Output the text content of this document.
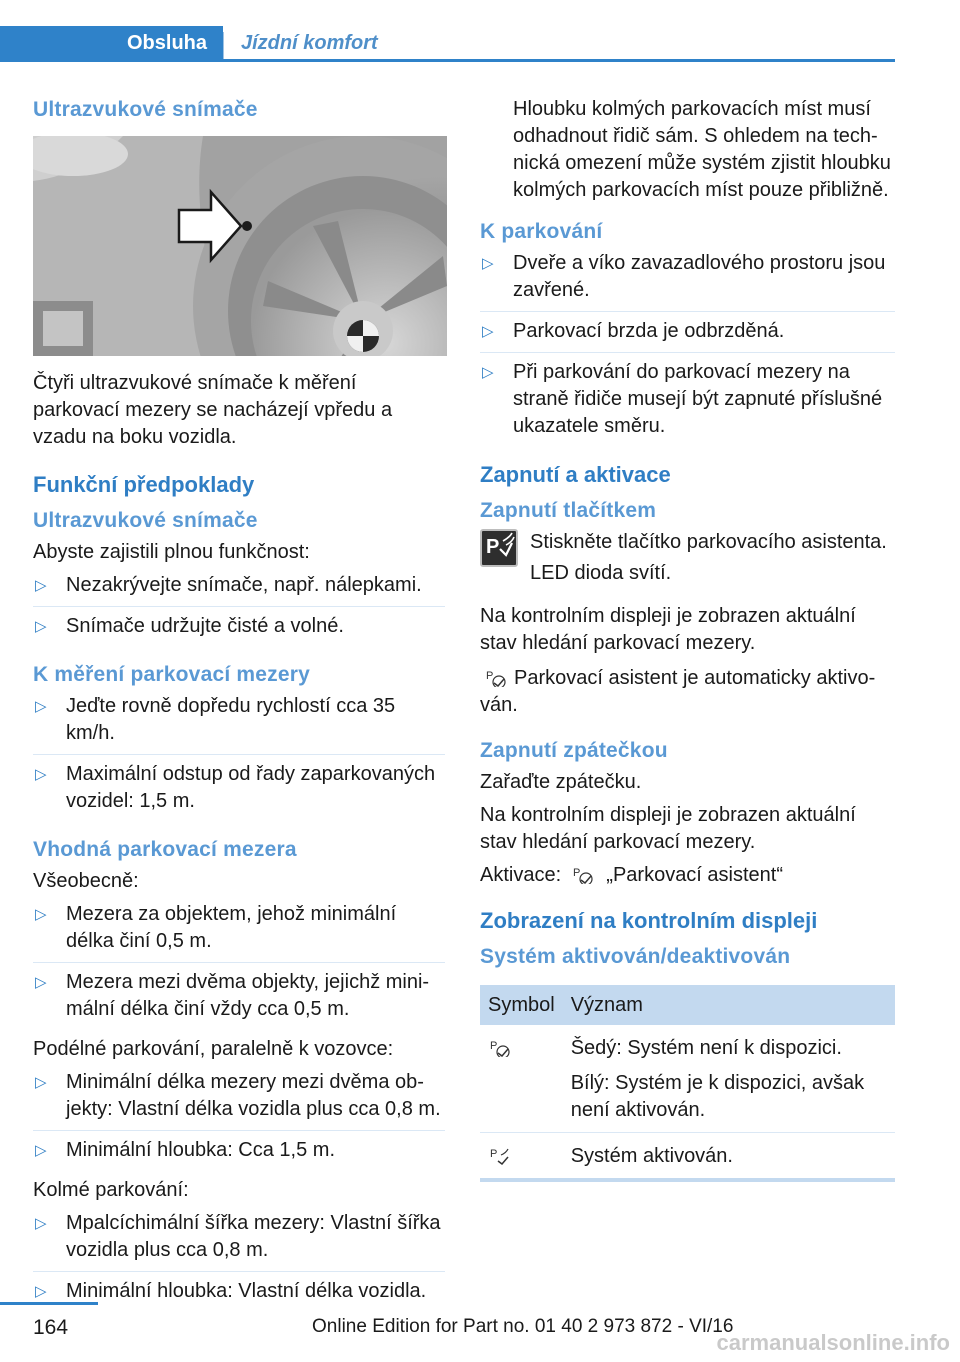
Obsluha	Jízdní komfort
Ultrazvukové snímače
Čtyři ultrazvukové snímače k měření parkovací mezery se nacházejí vpředu a vzadu na boku vozidla.
Funkční předpoklady
Ultrazvukové snímače
Abyste zajistili plnou funkčnost:
▷ Nezakrývejte snímače, např. nálepkami.
▷ Snímače udržujte čisté a volné.
K měření parkovací mezery
▷ Jeďte rovně dopředu rychlostí cca 35 km/h.
▷ Maximální odstup od řady zaparkovaných vozidel: 1,5 m.
Vhodná parkovací mezera
Všeobecně:
▷ Mezera za objektem, jehož minimální délka činí 0,5 m.
▷ Mezera mezi dvěma objekty, jejichž minimální délka činí vždy cca 0,5 m.
Podélné parkování, paralelně k vozovce:
▷ Minimální délka mezery mezi dvěma objekty: Vlastní délka vozidla plus cca 0,8 m.
▷ Minimální hloubka: Cca 1,5 m.
Kolmé parkování:
▷ Mpalcíchimální šířka mezery: Vlastní šířka vozidla plus cca 0,8 m.
▷ Minimální hloubka: Vlastní délka vozidla.
Hloubku kolmých parkovacích míst musí odhadnout řidič sám. S ohledem na technická omezení může systém zjistit hloubku kolmých parkovacích míst pouze přibližně.
K parkování
▷ Dveře a víko zavazadlového prostoru jsou zavřené.
▷ Parkovací brzda je odbrzděná.
▷ Při parkování do parkovací mezery na straně řidiče musejí být zapnuté příslušné ukazatele směru.
Zapnutí a aktivace
Zapnutí tlačítkem
P Stiskněte tlačítko parkovacího asistenta.
LED dioda svítí.
Na kontrolním displeji je zobrazen aktuální stav hledání parkovací mezery.
P Parkovací asistent je automaticky aktivován.
Zapnutí zpátečkou
Zařaďte zpátečku.
Na kontrolním displeji je zobrazen aktuální stav hledání parkovací mezery.
Aktivace: P „Parkovací asistent“
Zobrazení na kontrolním displeji
Systém aktivován/deaktivován
Symbol	Význam

P	Šedý: Systém není k dispozici.

Bílý: Systém je k dispozici, avšak není aktivován.

P	Systém aktivován.
164	Online Edition for Part no. 01 40 2 973 872 - VI/16
carmanualsonline.info
